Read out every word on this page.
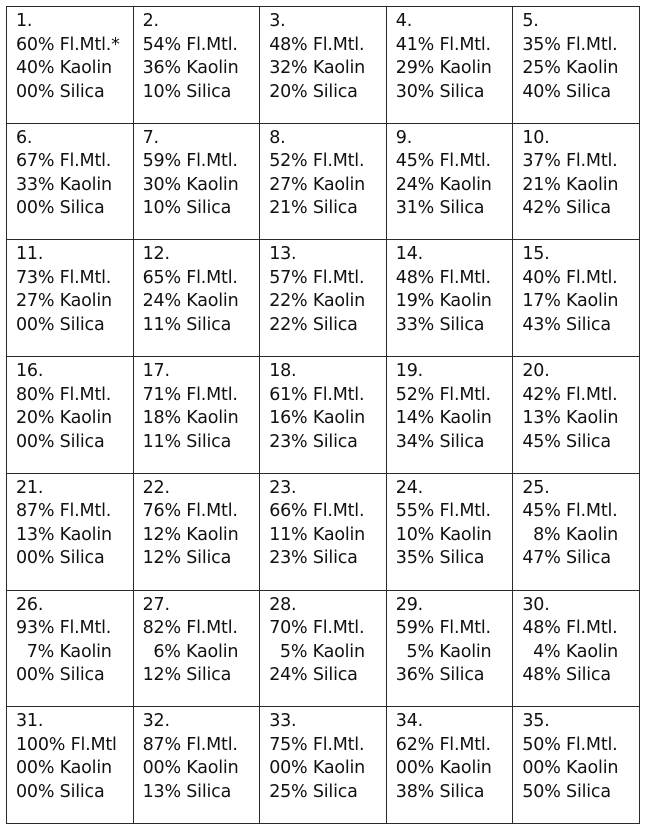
1.
60% Fl.Mtl.*
40% Kaolin
00% Silica	2.
54% Fl.Mtl.
36% Kaolin
10% Silica	3.
48% Fl.Mtl.
32% Kaolin
20% Silica	4.
41% Fl.Mtl.
29% Kaolin
30% Silica	5.
35% Fl.Mtl.
25% Kaolin
40% Silica

6.
67% Fl.Mtl.
33% Kaolin
00% Silica	7.
59% Fl.Mtl.
30% Kaolin
10% Silica	8.
52% Fl.Mtl.
27% Kaolin
21% Silica	9.
45% Fl.Mtl.
24% Kaolin
31% Silica	10.
37% Fl.Mtl.
21% Kaolin
42% Silica

11.
73% Fl.Mtl.
27% Kaolin
00% Silica	12.
65% Fl.Mtl.
24% Kaolin
11% Silica	13.
57% Fl.Mtl.
22% Kaolin
22% Silica	14.
48% Fl.Mtl.
19% Kaolin
33% Silica	15.
40% Fl.Mtl.
17% Kaolin
43% Silica

16.
80% Fl.Mtl.
20% Kaolin
00% Silica	17.
71% Fl.Mtl.
18% Kaolin
11% Silica	18.
61% Fl.Mtl.
16% Kaolin
23% Silica	19.
52% Fl.Mtl.
14% Kaolin
34% Silica	20.
42% Fl.Mtl.
13% Kaolin
45% Silica

21.
87% Fl.Mtl.
13% Kaolin
00% Silica	22.
76% Fl.Mtl.
12% Kaolin
12% Silica	23.
66% Fl.Mtl.
11% Kaolin
23% Silica	24.
55% Fl.Mtl.
10% Kaolin
35% Silica	25.
45% Fl.Mtl.
8% Kaolin
47% Silica

26.
93% Fl.Mtl.
7% Kaolin
00% Silica	27.
82% Fl.Mtl.
6% Kaolin
12% Silica	28.
70% Fl.Mtl.
5% Kaolin
24% Silica	29.
59% Fl.Mtl.
5% Kaolin
36% Silica	30.
48% Fl.Mtl.
4% Kaolin
48% Silica

31.
100% Fl.Mtl
00% Kaolin
00% Silica	32.
87% Fl.Mtl.
00% Kaolin
13% Silica	33.
75% Fl.Mtl.
00% Kaolin
25% Silica	34.
62% Fl.Mtl.
00% Kaolin
38% Silica	35.
50% Fl.Mtl.
00% Kaolin
50% Silica
